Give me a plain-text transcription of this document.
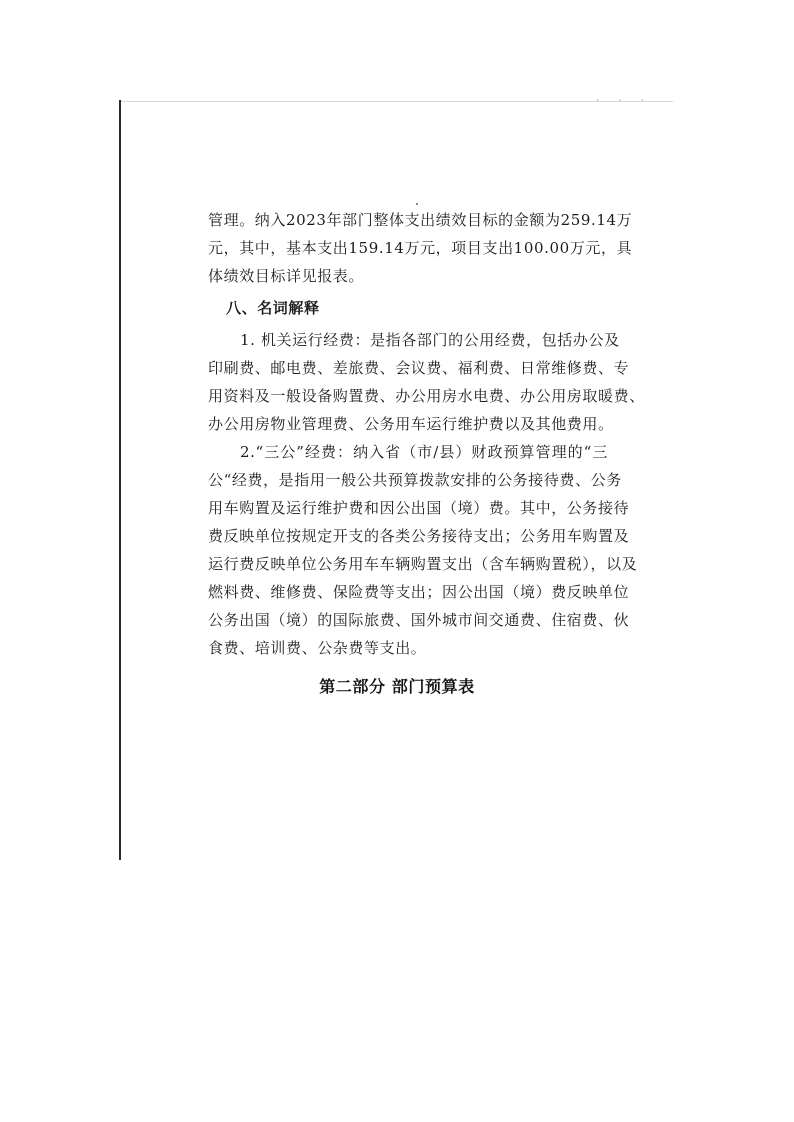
· · ·
管理。纳入2023年部门整体支出绩效目标的金额为259.14万
元，其中，基本支出159.14万元，项目支出100.00万元，具
体绩效目标详见报表。
八、名词解释
1. 机关运行经费：是指各部门的公用经费，包括办公及
印刷费、邮电费、差旅费、会议费、福利费、日常维修费、专
用资料及一般设备购置费、办公用房水电费、办公用房取暖费、
办公用房物业管理费、公务用车运行维护费以及其他费用。
2.“三公”经费：纳入省（市/县）财政预算管理的“三
公“经费，是指用一般公共预算拨款安排的公务接待费、公务
用车购置及运行维护费和因公出国（境）费。其中，公务接待
费反映单位按规定开支的各类公务接待支出；公务用车购置及
运行费反映单位公务用车车辆购置支出（含车辆购置税），以及
燃料费、维修费、保险费等支出；因公出国（境）费反映单位
公务出国（境）的国际旅费、国外城市间交通费、住宿费、伙
食费、培训费、公杂费等支出。
第二部分 部门预算表
